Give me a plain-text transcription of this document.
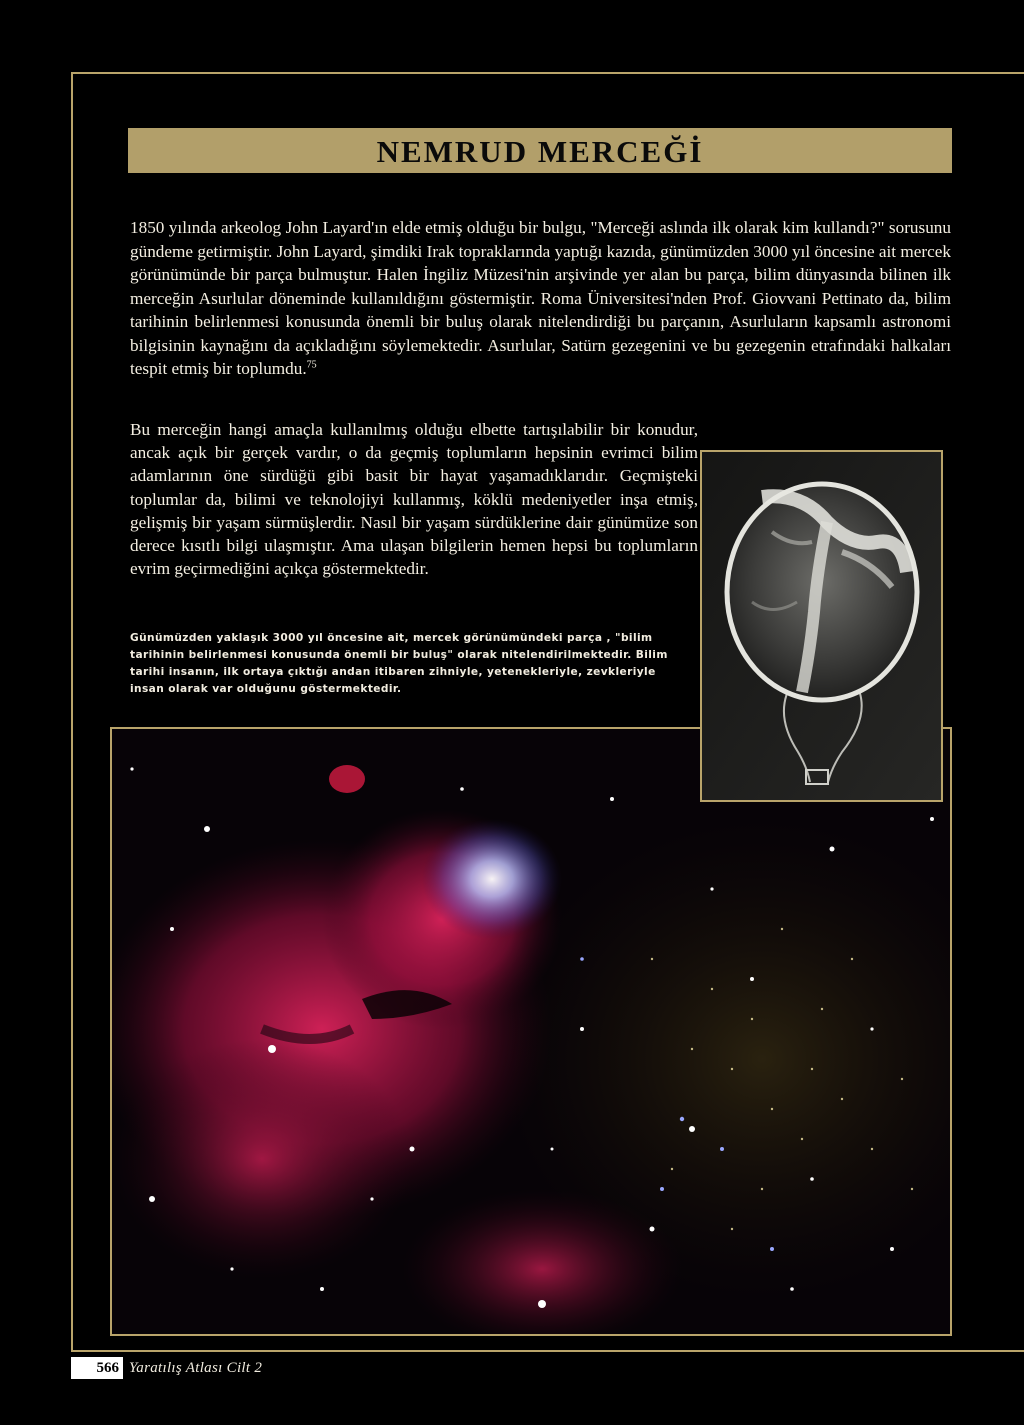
NEMRUD MERCEĞİ

1850 yılında arkeolog John Layard'ın elde etmiş olduğu bir bulgu, "Merceği aslında ilk olarak kim kullandı?" sorusunu gündeme getirmiştir. John Layard, şimdiki Irak topraklarında yaptığı kazıda, günümüzden 3000 yıl öncesine ait mercek görünümünde bir parça bulmuştur. Halen İngiliz Müzesi'nin arşivinde yer alan bu parça, bilim dünyasında bilinen ilk merceğin Asurlular döneminde kullanıldığını göstermiştir. Roma Üniversitesi'nden Prof. Giovvani Pettinato da, bilim tarihinin belirlenmesi konusunda önemli bir buluş olarak nitelendirdiği bu parçanın, Asurluların kapsamlı astronomi bilgisinin kaynağını da açıkladığını söylemektedir. Asurlular, Satürn gezegenini ve bu gezegenin etrafındaki halkaları tespit etmiş bir toplumdu.$^{75}$

Bu merceğin hangi amaçla kullanılmış olduğu elbette tartışılabilir bir konudur, ancak açık bir gerçek vardır, o da geçmiş toplumların hepsinin evrimci bilim adamlarının öne sürdüğü gibi basit bir hayat yaşamadıklarıdır. Geçmişteki toplumlar da, bilimi ve teknolojiyi kullanmış, köklü medeniyetler inşa etmiş, gelişmiş bir yaşam sürmüşlerdir. Nasıl bir yaşam sürdüklerine dair günümüze son derece kısıtlı bilgi ulaşmıştır. Ama ulaşan bilgilerin hemen hepsi bu toplumların evrim geçirmediğini açıkça göstermektedir.

Günümüzden yaklaşık 3000 yıl öncesine ait, mercek görünümündeki parça , "bilim tarihinin belirlenmesi konusunda önemli bir buluş" olarak nitelendirilmektedir. Bilim tarihi insanın, ilk ortaya çıktığı andan itibaren zihniyle, yetenekleriyle, zevkleriyle insan olarak var olduğunu göstermektedir.

566 Yaratılış Atlası Cilt 2
